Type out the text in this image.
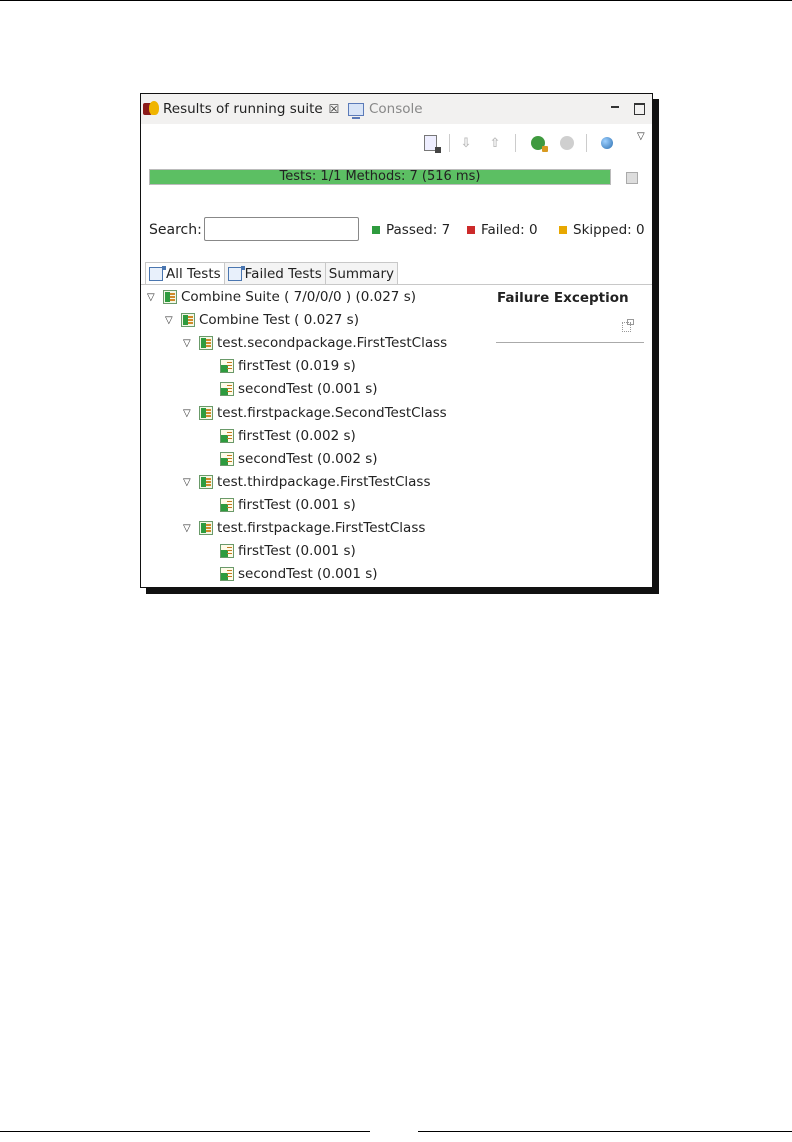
Results of running suite ☒ Console
⇩ ⇧	▽
Tests: 1/1 Methods: 7 (516 ms)
Search:	Passed: 7 Failed: 0	Skipped: 0
All Tests Failed Tests Summary
▽	Combine Suite ( 7/0/0/0 ) (0.027 s)
▽	Combine Test ( 0.027 s)
▽	test.secondpackage.FirstTestClass
firstTest (0.019 s)
secondTest (0.001 s)
▽	test.firstpackage.SecondTestClass
firstTest (0.002 s)
secondTest (0.002 s)
▽	test.thirdpackage.FirstTestClass
firstTest (0.001 s)
▽	test.firstpackage.FirstTestClass
firstTest (0.001 s)
secondTest (0.001 s)
Failure Exception
